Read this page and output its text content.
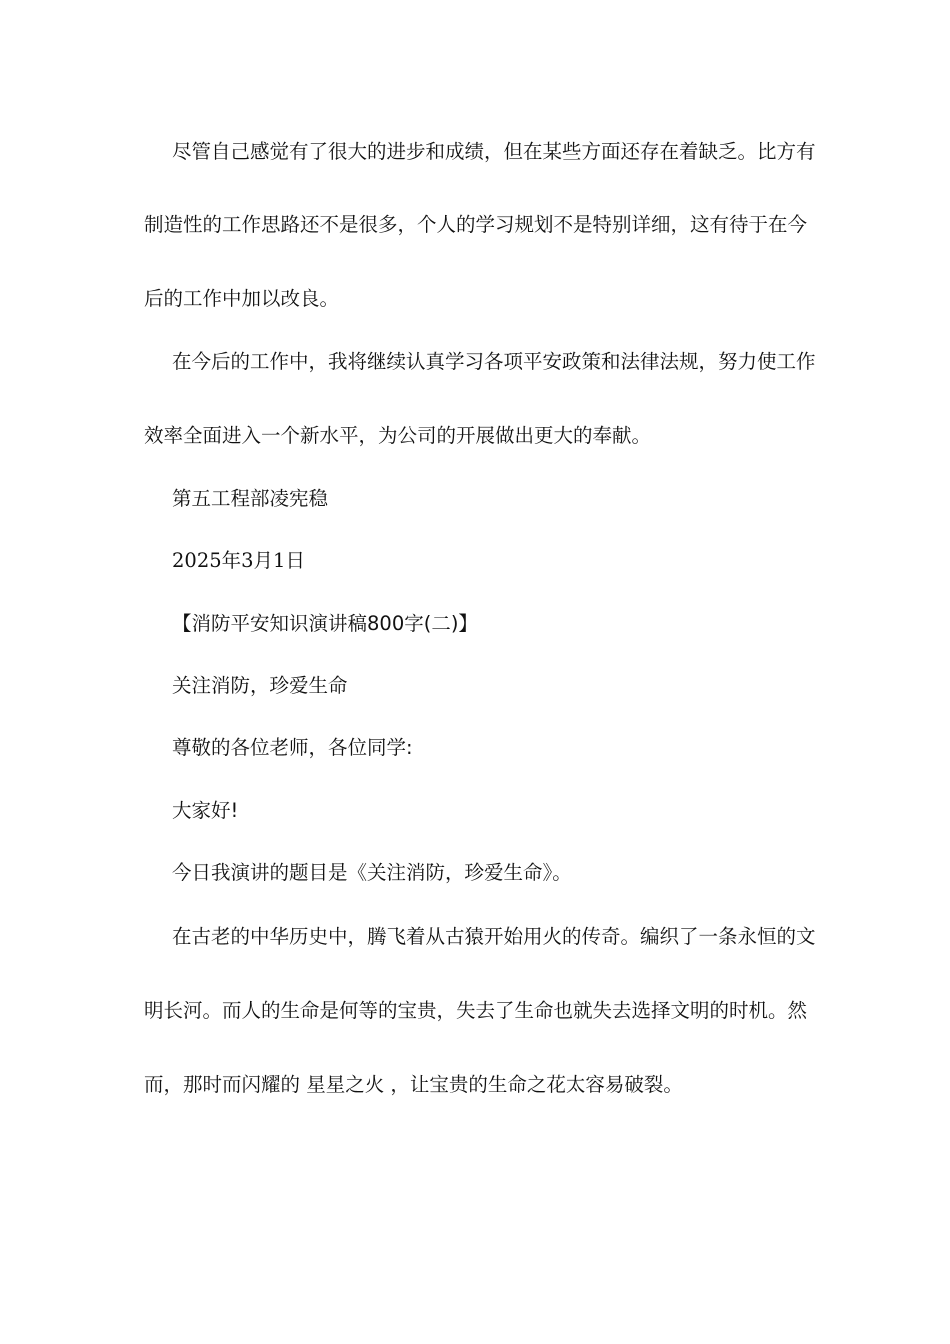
尽管自己感觉有了很大的进步和成绩，但在某些方面还存在着缺乏。比方有
制造性的工作思路还不是很多，个人的学习规划不是特别详细，这有待于在今
后的工作中加以改良。
在今后的工作中，我将继续认真学习各项平安政策和法律法规，努力使工作
效率全面进入一个新水平，为公司的开展做出更大的奉献。
第五工程部凌宪稳
2025年3月1日
【消防平安知识演讲稿800字(二)】
关注消防，珍爱生命
尊敬的各位老师，各位同学:
大家好!
今日我演讲的题目是《关注消防，珍爱生命》。
在古老的中华历史中，腾飞着从古猿开始用火的传奇。编织了一条永恒的文
明长河。而人的生命是何等的宝贵，失去了生命也就失去选择文明的时机。然
而，那时而闪耀的 星星之火 ，让宝贵的生命之花太容易破裂。
